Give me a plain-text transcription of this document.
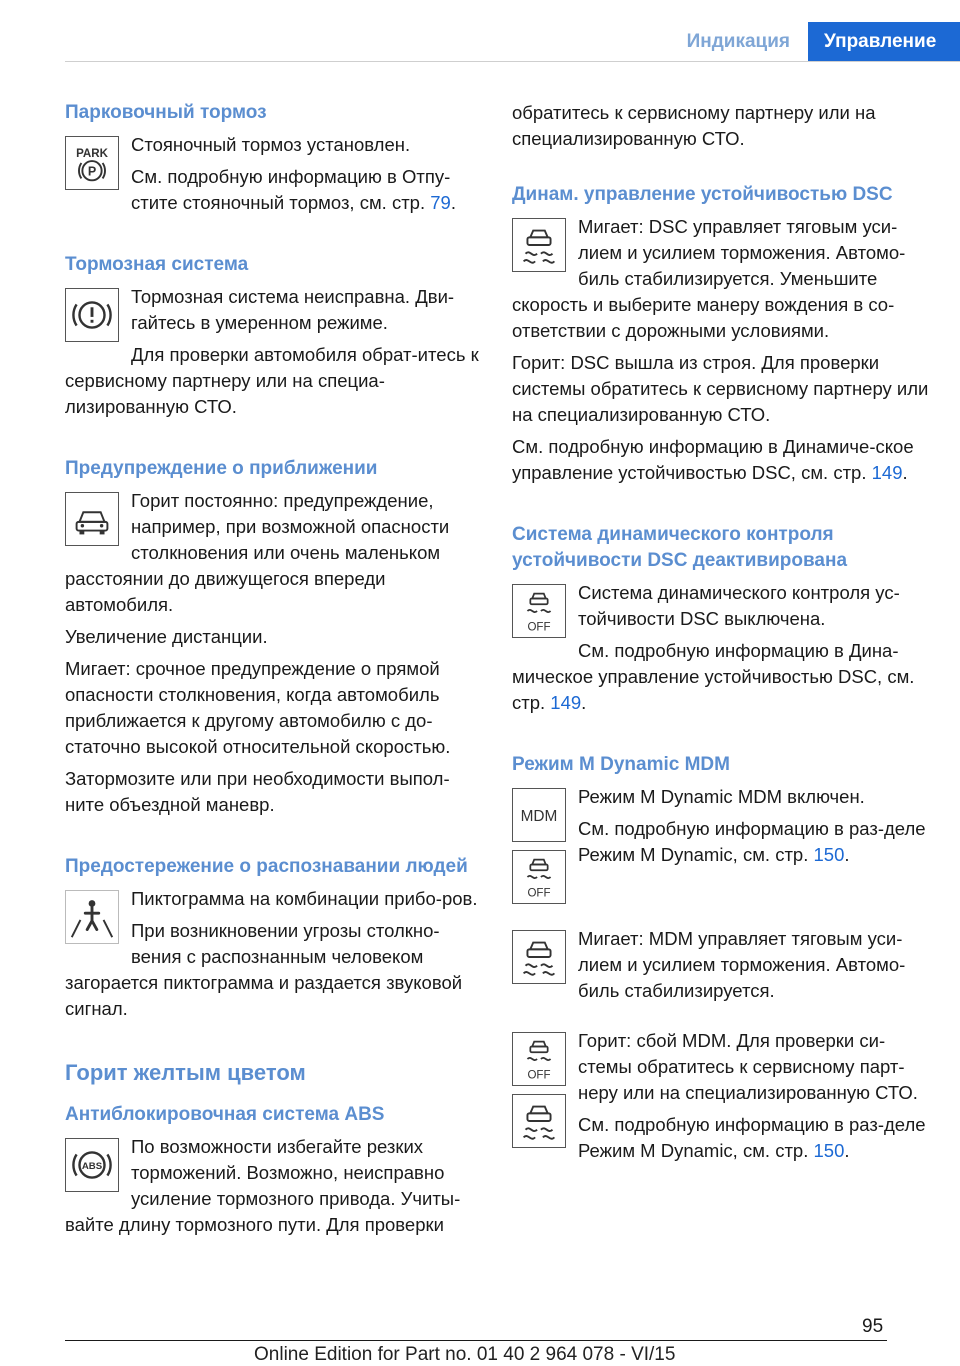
Индикация	Управление
Парковочный тормоз
PARK
P
Стояночный тормоз установлен.
См. подробную информацию в Отпу‐стите стояночный тормоз, см. стр. 79.
Тормозная система
Тормозная система неисправна. Дви‐гайтесь в умеренном режиме.
Для проверки автомобиля обрат‐итесь к сервисному партнеру или на специа‐лизированную СТО.
Предупреждение о приближении
Горит постоянно: предупреждение, например, при возможной опасности столкновения или очень маленьком расстоянии до движущегося впереди автомобиля.
Увеличение дистанции.
Мигает: срочное предупреждение о прямой опасности столкновения, когда автомобиль приближается к другому автомобилю с до‐статочно высокой относительной скоростью.
Затормозите или при необходимости выпол‐ните объездной маневр.
Предостережение о распознавании людей
Пиктограмма на комбинации прибо‐ров.
При возникновении угрозы столкно‐вения с распознанным человеком загорается пиктограмма и раздается звуковой сигнал.
Горит желтым цветом
Антиблокировочная система ABS
ABS
По возможности избегайте резких торможений. Возможно, неисправно усиление тормозного привода. Учиты‐вайте длину тормозного пути. Для проверки
обратитесь к сервисному партнеру или на специализированную СТО.
Динам. управление устойчивостью DSC
Мигает: DSC управляет тяговым уси‐лием и усилием торможения. Автомо‐биль стабилизируется. Уменьшите скорость и выберите манеру вождения в со‐ответствии с дорожными условиями.
Горит: DSC вышла из строя. Для проверки системы обратитесь к сервисному партнеру или на специализированную СТО.
См. подробную информацию в Динамиче‐ское управление устойчивостью DSC, см. стр. 149.
Система динамического контроля устойчивости DSC деактивирована
OFF
Система динамического контроля ус‐тойчивости DSC выключена.
См. подробную информацию в Дина‐мическое управление устойчивостью DSC, см. стр. 149.
Режим M Dynamic MDM
MDM
OFF
Режим M Dynamic MDM включен.
См. подробную информацию в раз‐деле Режим M Dynamic, см. стр. 150.
Мигает: MDM управляет тяговым уси‐лием и усилием торможения. Автомо‐биль стабилизируется.
OFF
Горит: сбой MDM. Для проверки си‐стемы обратитесь к сервисному парт‐неру или на специализированную СТО.
См. подробную информацию в раз‐деле Режим M Dynamic, см. стр. 150.
95
Online Edition for Part no. 01 40 2 964 078 - VI/15
